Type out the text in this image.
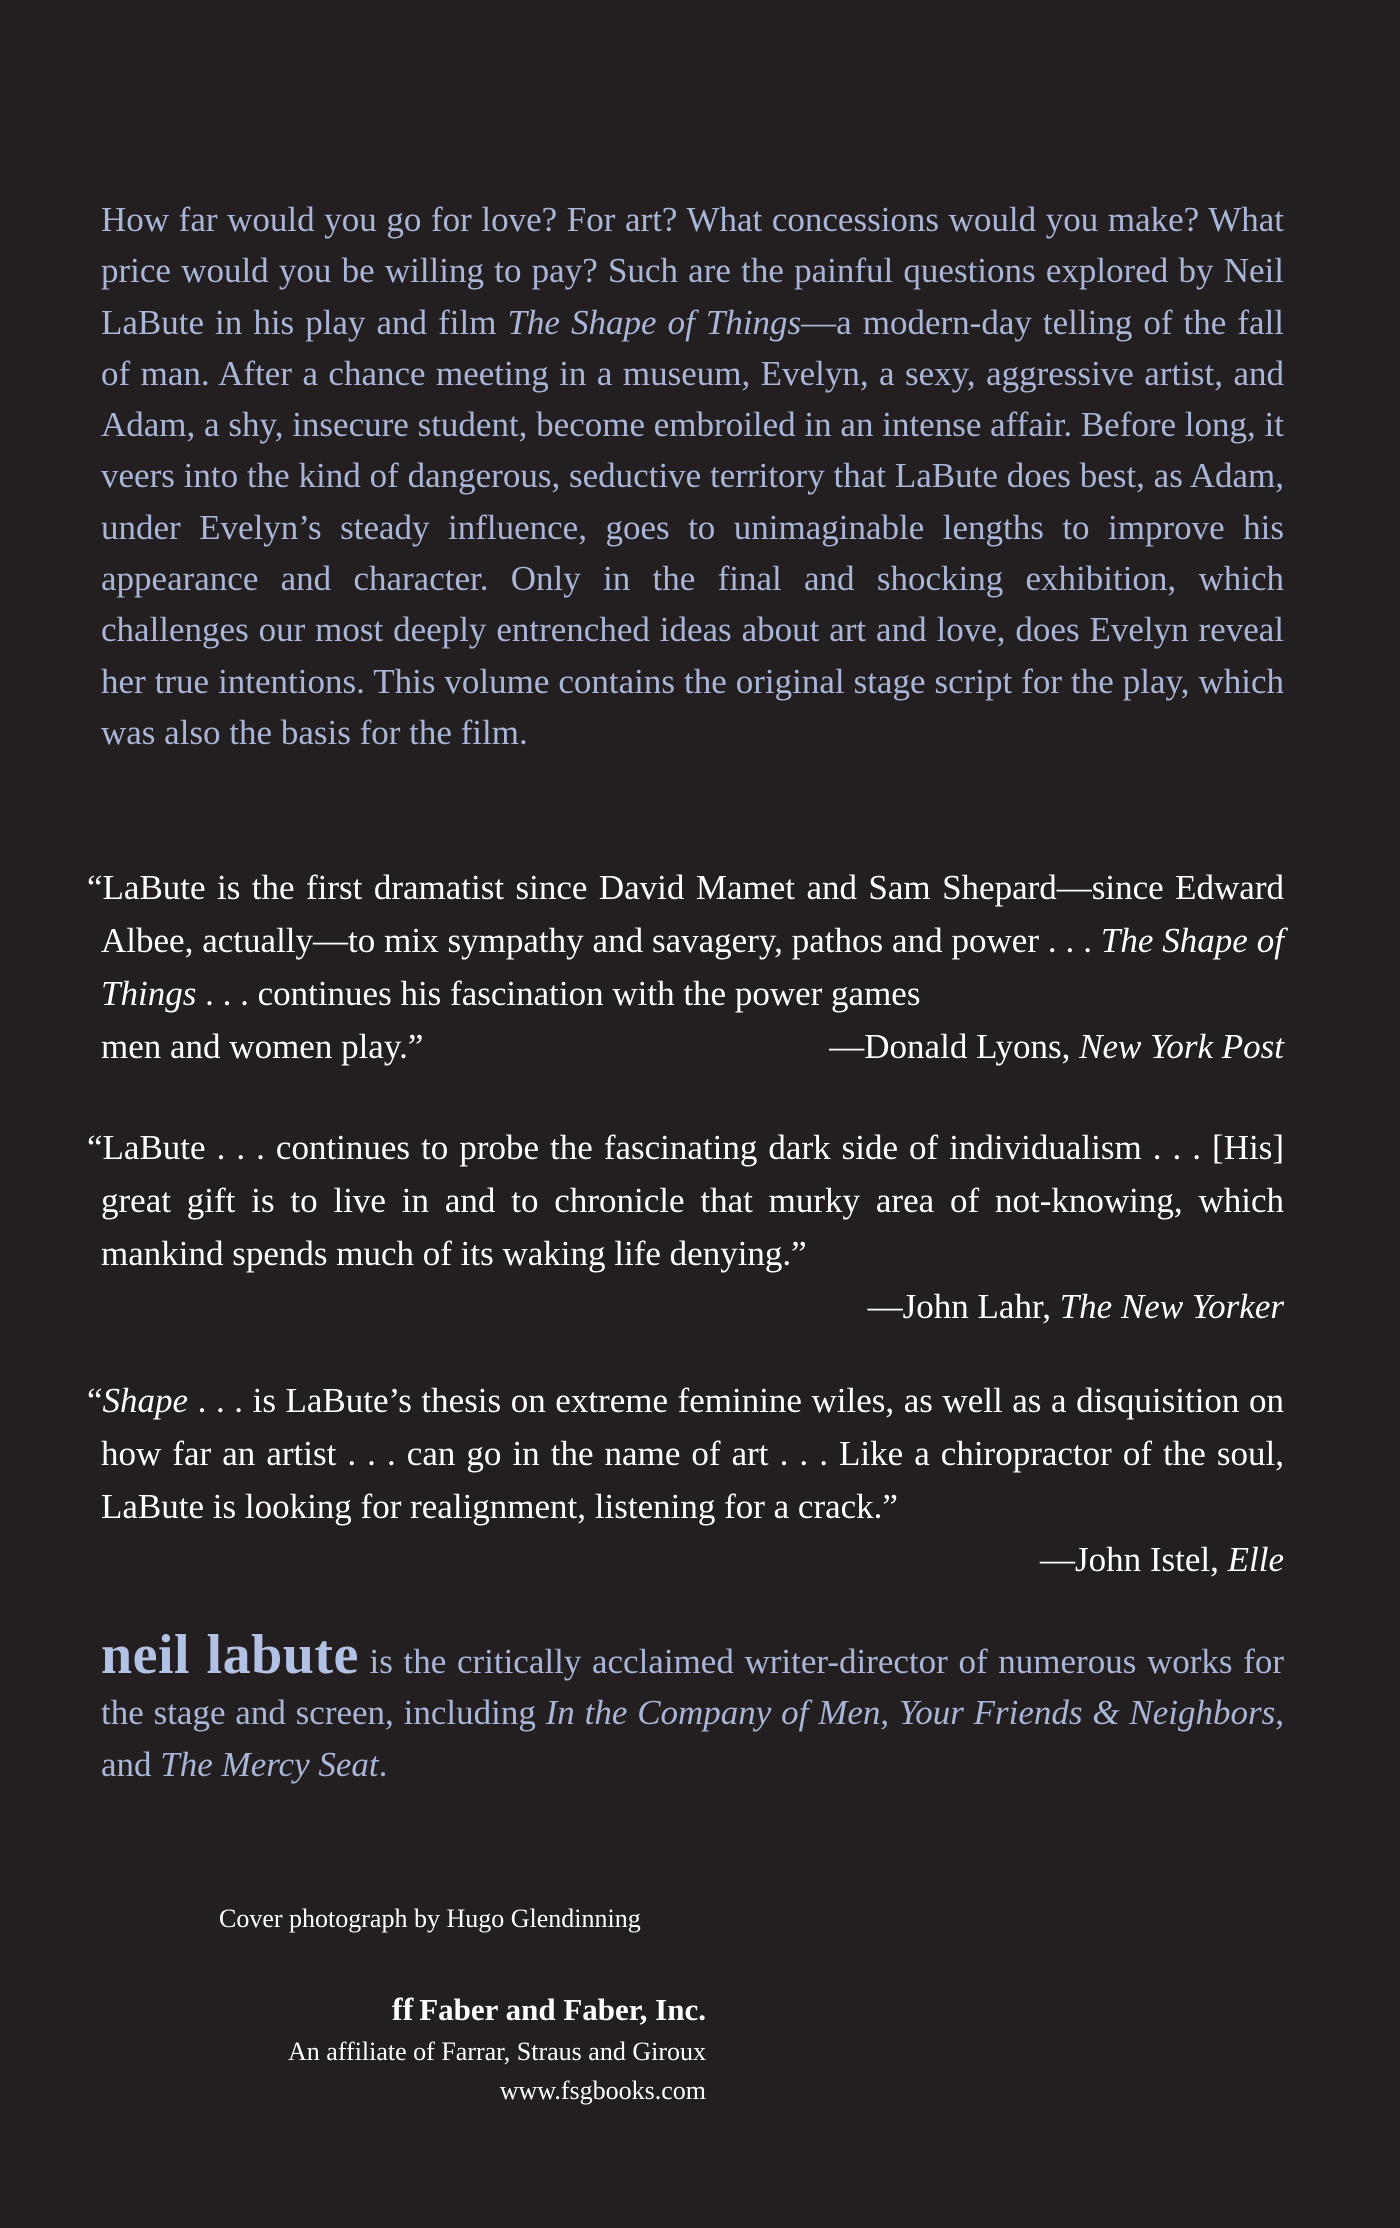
How far would you go for love? For art? What concessions would you make? What price would you be willing to pay? Such are the painful questions explored by Neil LaBute in his play and film The Shape of Things—a modern-day telling of the fall of man. After a chance meeting in a museum, Evelyn, a sexy, aggressive artist, and Adam, a shy, insecure student, become embroiled in an intense affair. Before long, it veers into the kind of dangerous, seductive territory that LaBute does best, as Adam, under Evelyn’s steady influence, goes to unimaginable lengths to improve his appearance and character. Only in the final and shocking exhibition, which challenges our most deeply entrenched ideas about art and love, does Evelyn reveal her true intentions. This volume contains the original stage script for the play, which was also the basis for the film.

“LaBute is the first dramatist since David Mamet and Sam Shepard—since Edward Albee, actually—to mix sympathy and savagery, pathos and power . . . The Shape of Things . . . continues his fascination with the power games

men and women play.”	—Donald Lyons, New York Post

“LaBute . . . continues to probe the fascinating dark side of individualism . . . [His] great gift is to live in and to chronicle that murky area of not-knowing, which mankind spends much of its waking life denying.”

—John Lahr, The New Yorker

“Shape . . . is LaBute’s thesis on extreme feminine wiles, as well as a disquisition on how far an artist . . . can go in the name of art . . . Like a chiropractor of the soul, LaBute is looking for realignment, listening for a crack.”

—John Istel, Elle

neil labute is the critically acclaimed writer-director of numerous works for the stage and screen, including In the Company of Men, Your Friends & Neighbors, and The Mercy Seat.

Cover photograph by Hugo Glendinning
ff Faber and Faber, Inc.
An affiliate of Farrar, Straus and Giroux
www.fsgbooks.com
